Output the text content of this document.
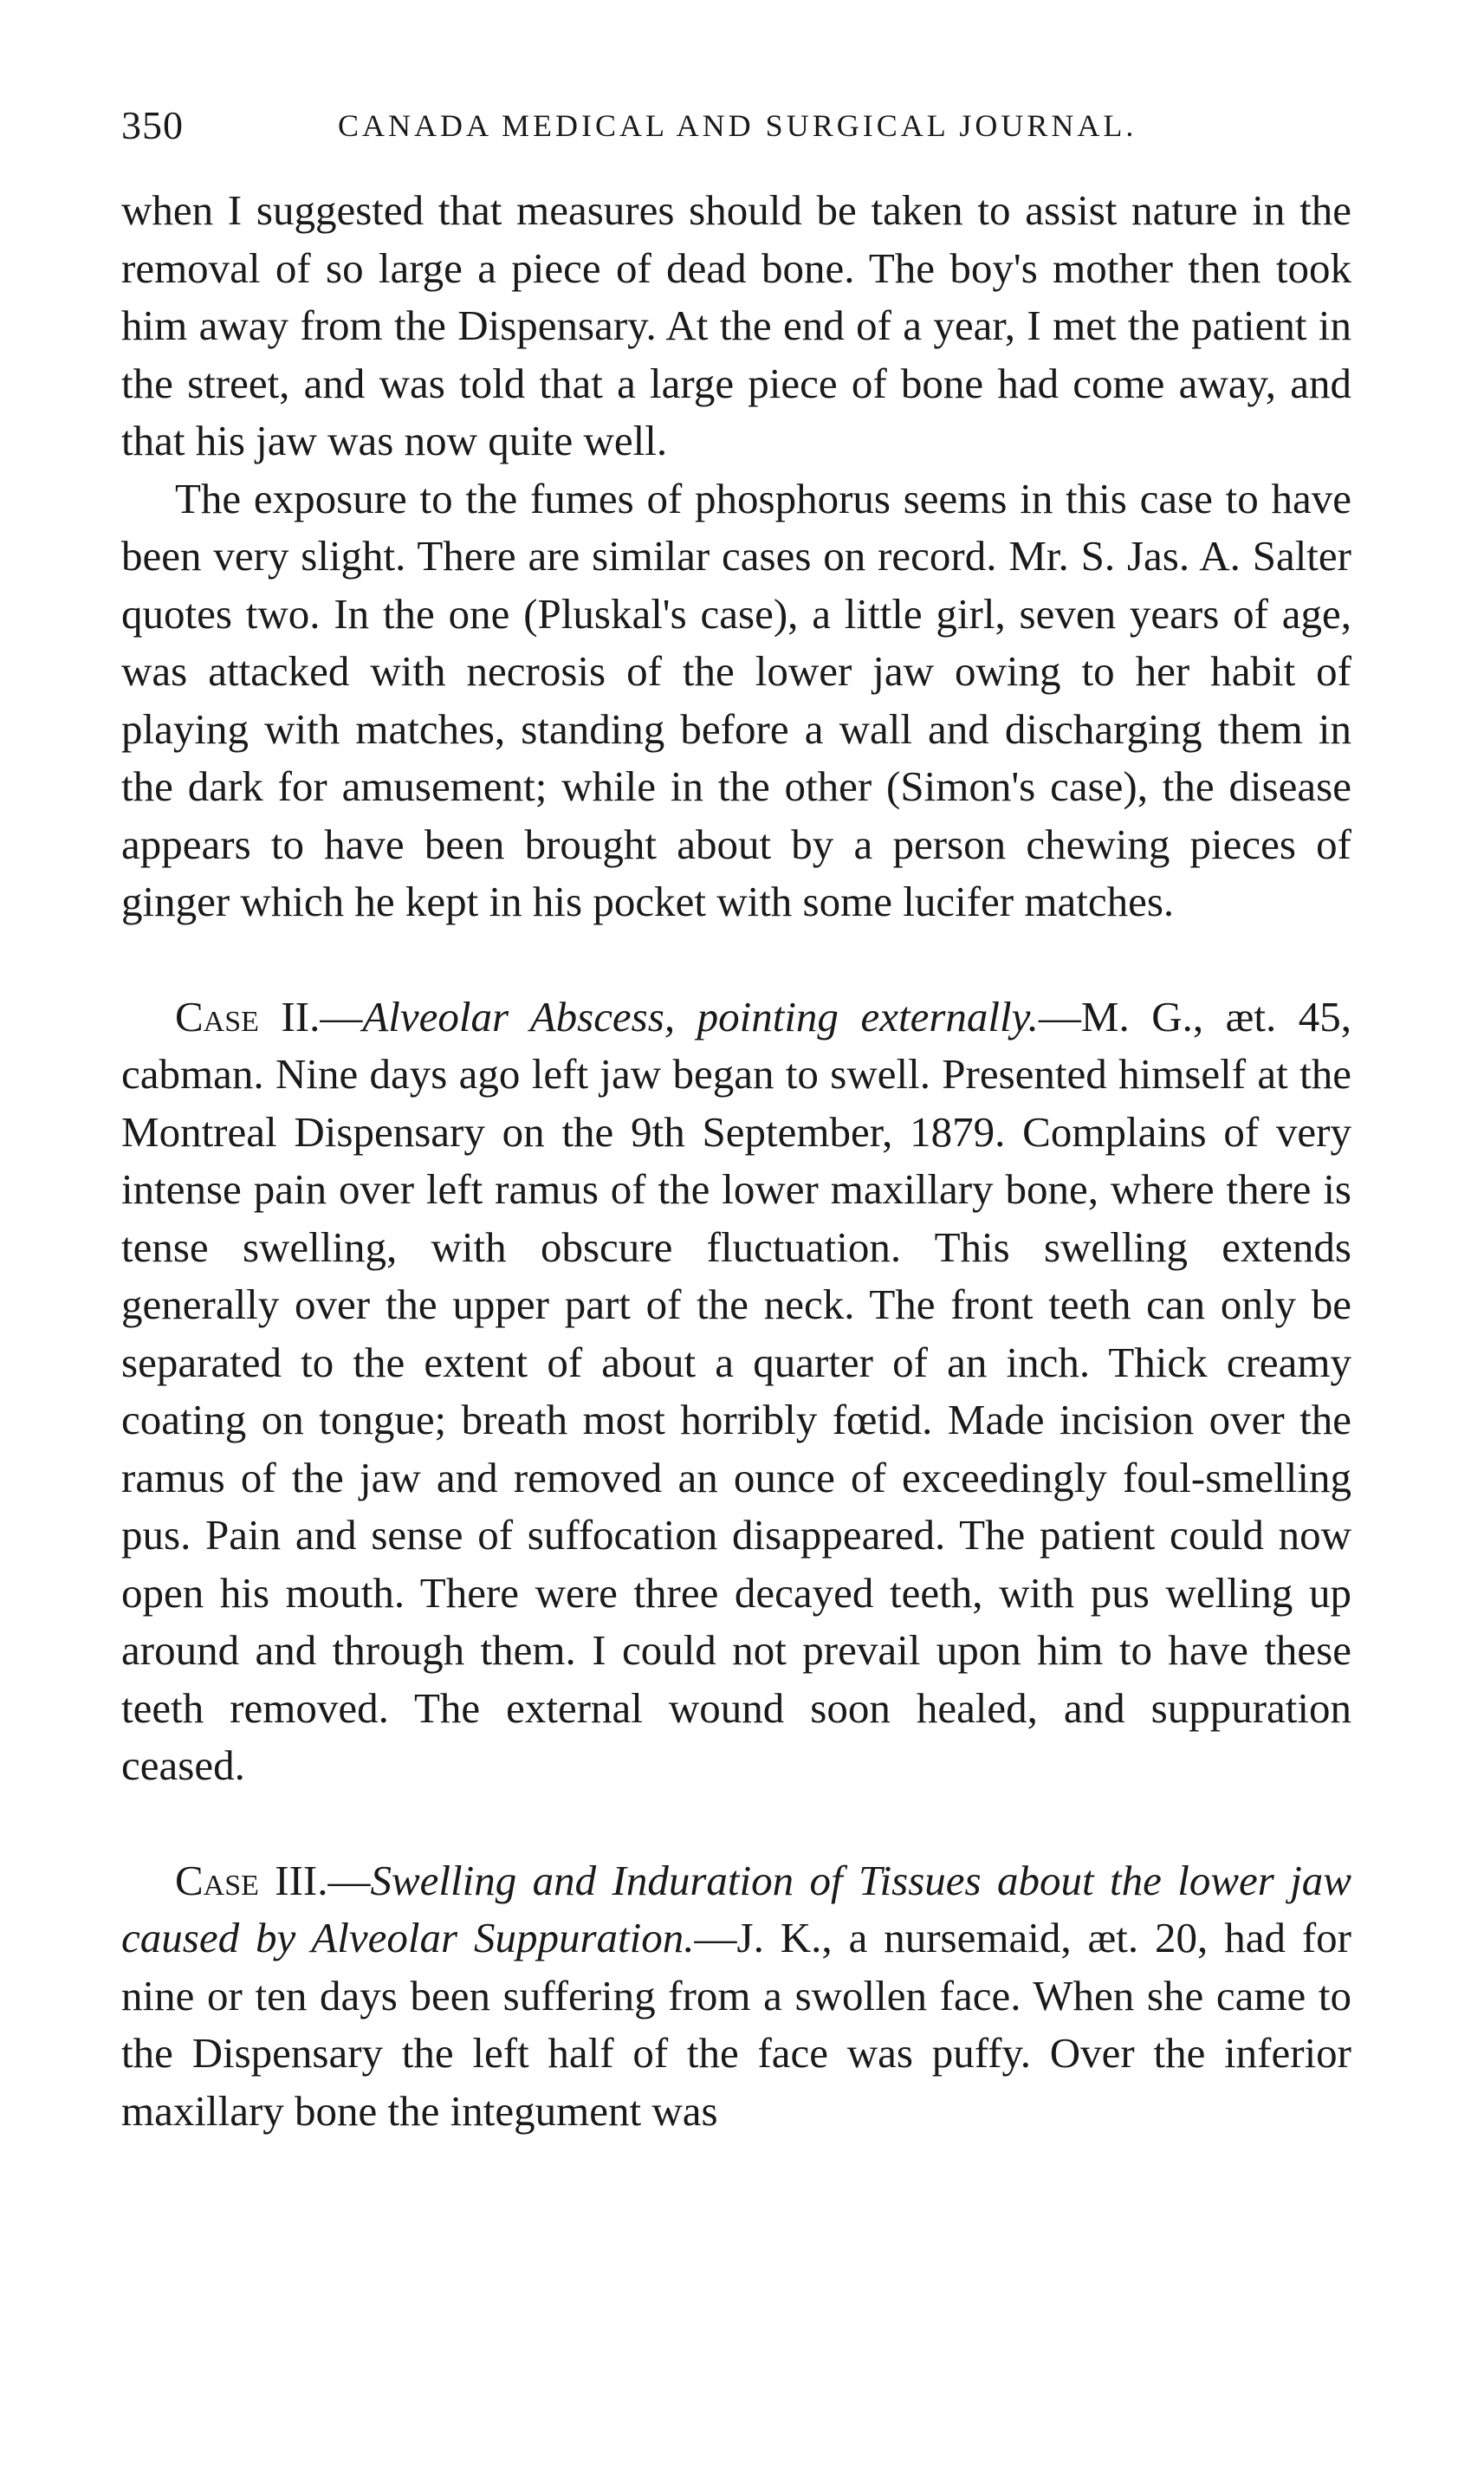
350	CANADA MEDICAL AND SURGICAL JOURNAL.

when I suggested that measures should be taken to assist nature in the removal of so large a piece of dead bone. The boy's mother then took him away from the Dispensary. At the end of a year, I met the patient in the street, and was told that a large piece of bone had come away, and that his jaw was now quite well.

The exposure to the fumes of phosphorus seems in this case to have been very slight. There are similar cases on record. Mr. S. Jas. A. Salter quotes two. In the one (Pluskal's case), a little girl, seven years of age, was attacked with necrosis of the lower jaw owing to her habit of playing with matches, standing before a wall and discharging them in the dark for amusement; while in the other (Simon's case), the disease appears to have been brought about by a person chewing pieces of ginger which he kept in his pocket with some lucifer matches.

Case II.—Alveolar Abscess, pointing externally.—M. G., æt. 45, cabman. Nine days ago left jaw began to swell. Presented himself at the Montreal Dispensary on the 9th September, 1879. Complains of very intense pain over left ramus of the lower maxillary bone, where there is tense swelling, with obscure fluctuation. This swelling extends generally over the upper part of the neck. The front teeth can only be separated to the extent of about a quarter of an inch. Thick creamy coating on tongue; breath most horribly fœtid. Made incision over the ramus of the jaw and removed an ounce of exceedingly foul-smelling pus. Pain and sense of suffocation disappeared. The patient could now open his mouth. There were three decayed teeth, with pus welling up around and through them. I could not prevail upon him to have these teeth removed. The external wound soon healed, and suppuration ceased.

Case III.—Swelling and Induration of Tissues about the lower jaw caused by Alveolar Suppuration.—J. K., a nursemaid, æt. 20, had for nine or ten days been suffering from a swollen face. When she came to the Dispensary the left half of the face was puffy. Over the inferior maxillary bone the integument was
